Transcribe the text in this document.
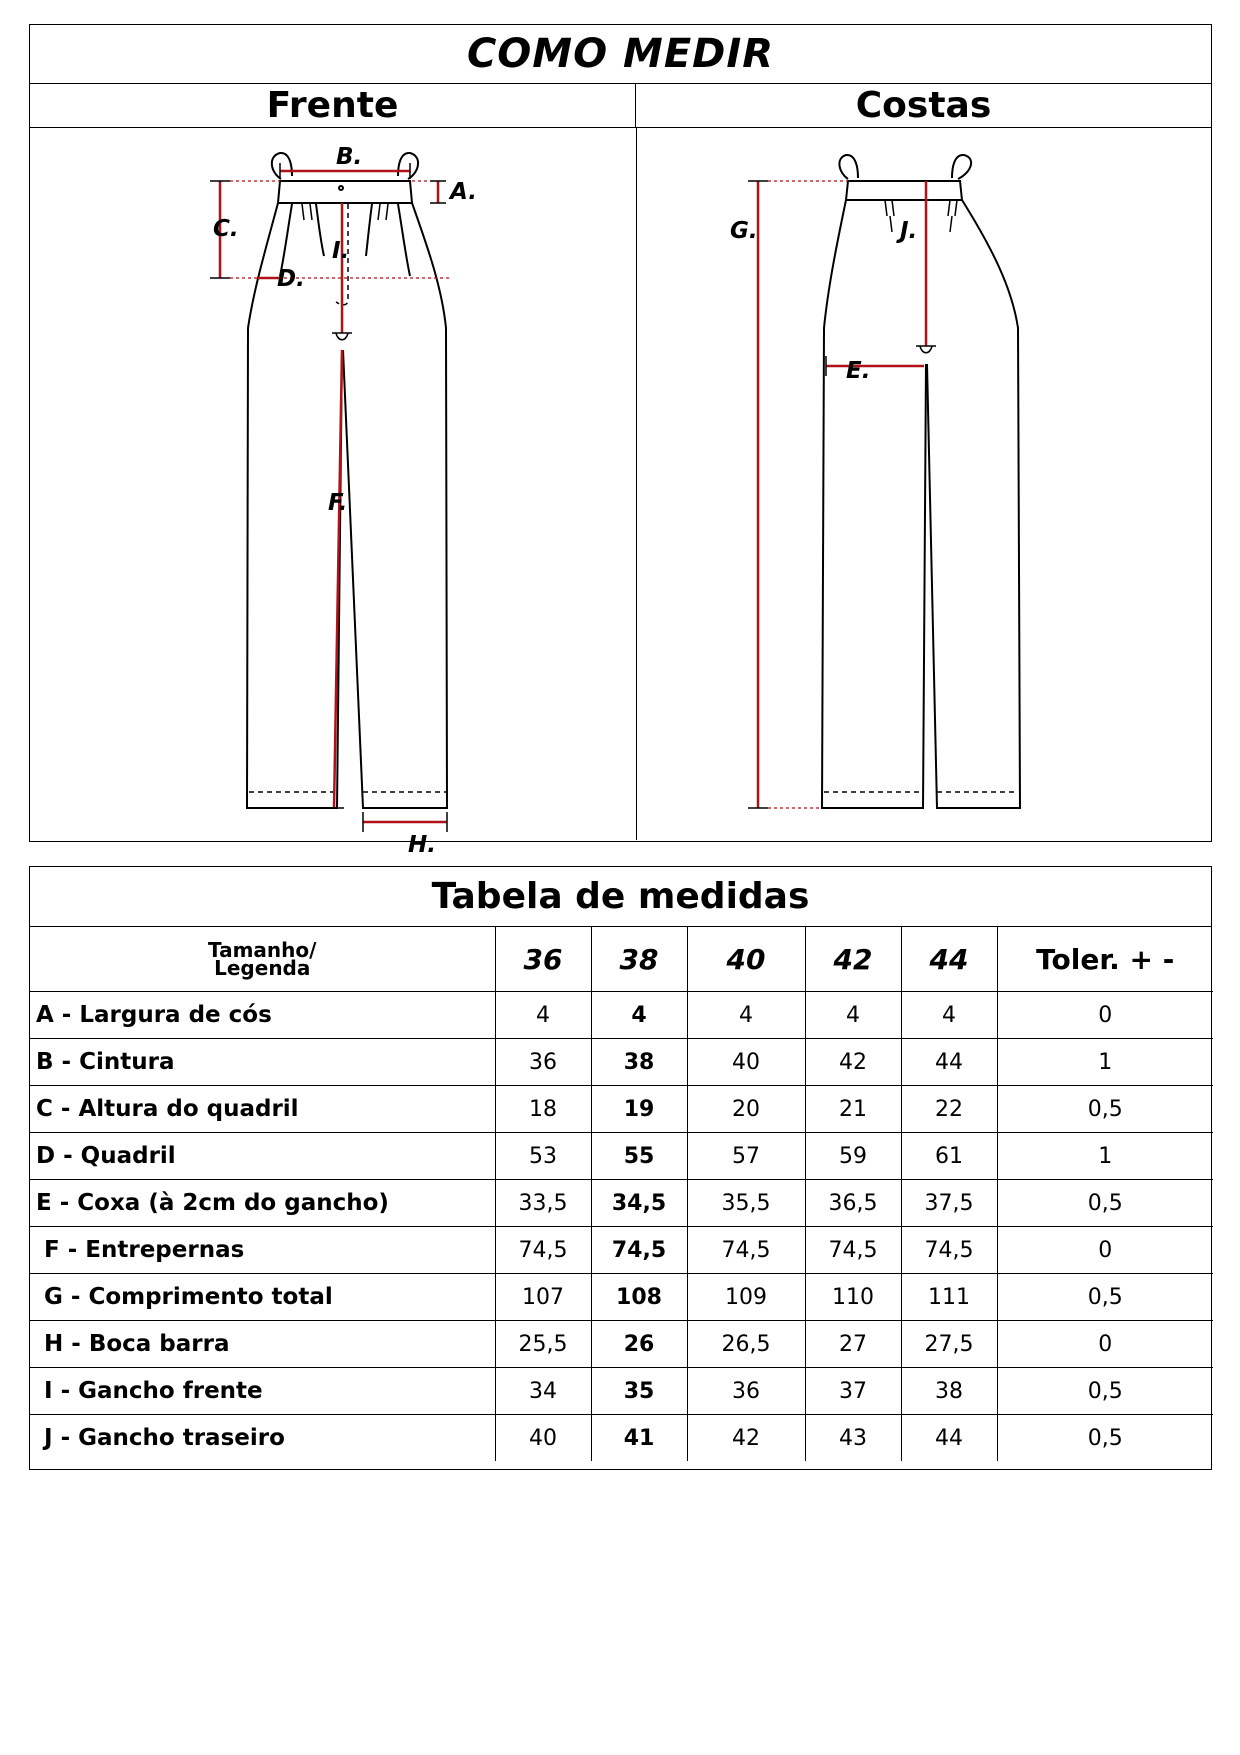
COMO MEDIR
Frente	Costas
B.
A.
C.
I.
D.
F.
H.
G.	J.
E.
Tabela de medidas
Tamanho/
Legenda	36	38	40	42	44	Toler. + -
A - Largura de cós	4	4	4	4	4	0
B - Cintura	36	38	40	42	44	1
C - Altura do quadril	18	19	20	21	22	0,5
D - Quadril	53	55	57	59	61	1
E - Coxa (à 2cm do gancho)	33,5	34,5	35,5	36,5	37,5	0,5
F - Entrepernas	74,5	74,5	74,5	74,5	74,5	0
G - Comprimento total	107	108	109	110	111	0,5
H - Boca barra	25,5	26	26,5	27	27,5	0
I - Gancho frente	34	35	36	37	38	0,5
J - Gancho traseiro	40	41	42	43	44	0,5
